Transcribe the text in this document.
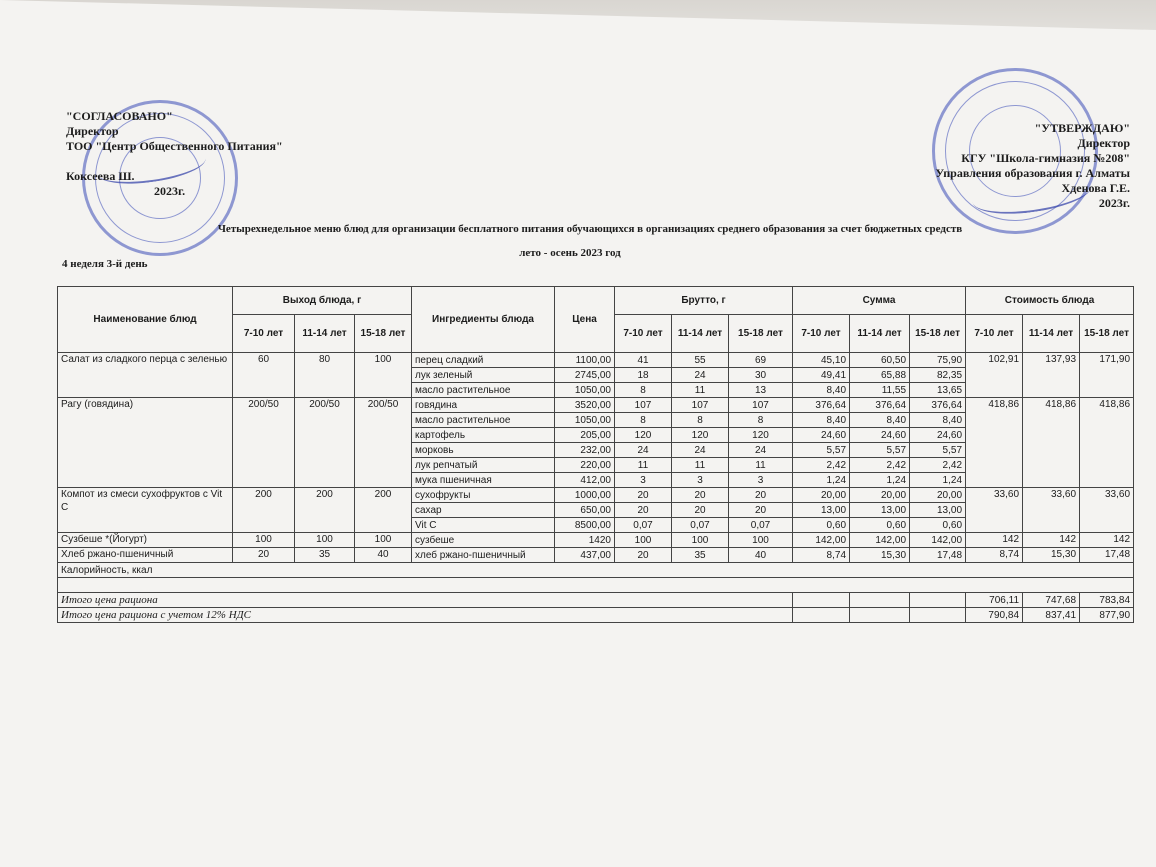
"СОГЛАСОВАНО"
Директор
ТОО "Центр Общественного Питания"
Коксеева Ш.
2023г.
"УТВЕРЖДАЮ"
Директор
КГУ "Школа-гимназия №208"
Управления образования г. Алматы
Хденова Г.Е.
2023г.
Четырехнедельное меню блюд для организации бесплатного питания обучающихся в организациях среднего образования за счет бюджетных средств
лето - осень 2023 год
4 неделя 3-й день
Наименование блюд	Выход блюда, г			Ингредиенты блюда	Цена	Брутто, г			Сумма			Стоимость блюда		
	7-10 лет	11-14 лет	15-18 лет			7-10 лет	11-14 лет	15-18 лет	7-10 лет	11-14 лет	15-18 лет	7-10 лет	11-14 лет	15-18 лет
Салат из сладкого перца с зеленью	60	80	100	перец сладкий	1100,00	41	55	69	45,10	60,50	75,90	102,91	137,93	171,90
				лук зеленый	2745,00	18	24	30	49,41	65,88	82,35			
				масло растительное	1050,00	8	11	13	8,40	11,55	13,65			
Рагу (говядина)	200/50	200/50	200/50	говядина	3520,00	107	107	107	376,64	376,64	376,64	418,86	418,86	418,86
				масло растительное	1050,00	8	8	8	8,40	8,40	8,40			
				картофель	205,00	120	120	120	24,60	24,60	24,60			
				морковь	232,00	24	24	24	5,57	5,57	5,57			
				лук репчатый	220,00	11	11	11	2,42	2,42	2,42			
				мука пшеничная	412,00	3	3	3	1,24	1,24	1,24			
Компот из смеси сухофруктов с Vit C	200	200	200	сухофрукты	1000,00	20	20	20	20,00	20,00	20,00	33,60	33,60	33,60
				сахар	650,00	20	20	20	13,00	13,00	13,00			
				Vit C	8500,00	0,07	0,07	0,07	0,60	0,60	0,60			
Сузбеше *(Йогурт)	100	100	100	сузбеше	1420	100	100	100	142,00	142,00	142,00	142	142	142
Хлеб ржано-пшеничный	20	35	40	хлеб ржано-пшеничный	437,00	20	35	40	8,74	15,30	17,48	8,74	15,30	17,48
Калорийность, ккал														

Итого цена рациона												706,11	747,68	783,84
Итого цена рациона с учетом 12% НДС												790,84	837,41	877,90
